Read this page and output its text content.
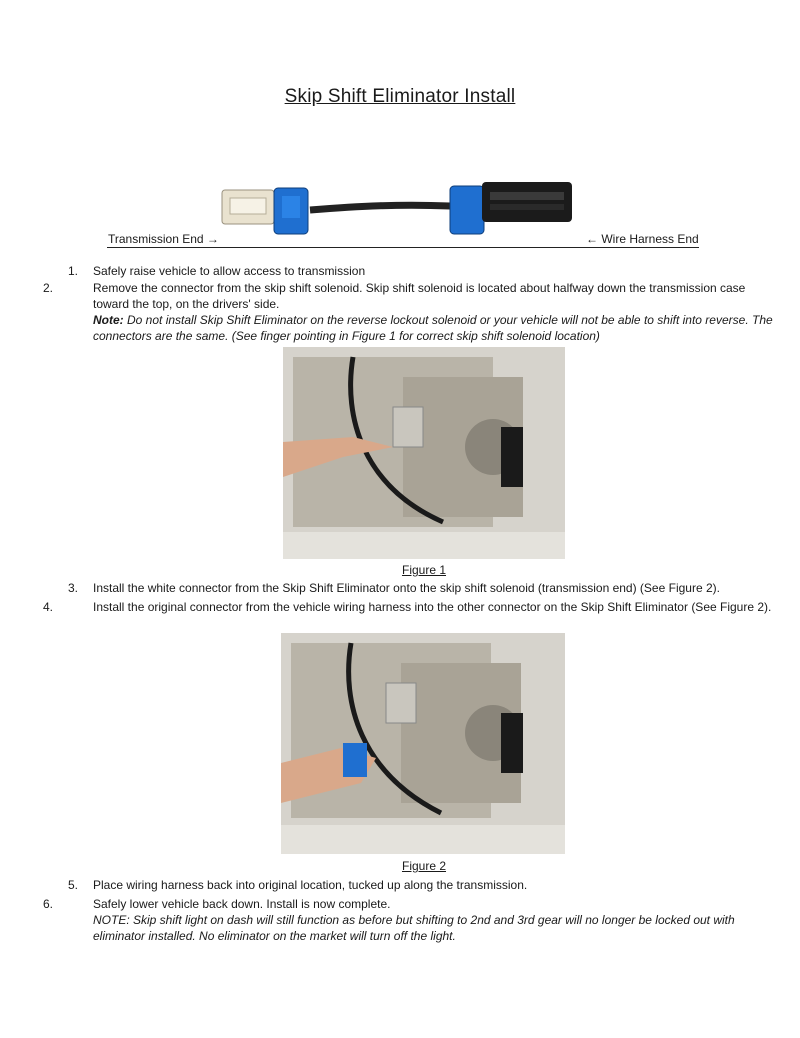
Skip Shift Eliminator Install
Transmission End →	← Wire Harness End
1. Safely raise vehicle to allow access to transmission
2.	Remove the connector from the skip shift solenoid. Skip shift solenoid is located about halfway down the transmission case toward the top, on the drivers' side.
Note: Do not install Skip Shift Eliminator on the reverse lockout solenoid or your vehicle will not be able to shift into reverse. The connectors are the same. (See finger pointing in Figure 1 for correct skip shift solenoid location)
Figure 1
3. Install the white connector from the Skip Shift Eliminator onto the skip shift solenoid (transmission end) (See Figure 2).
4.	Install the original connector from the vehicle wiring harness into the other connector on the Skip Shift Eliminator (See Figure 2).
Figure 2
5. Place wiring harness back into original location, tucked up along the transmission.
6.	Safely lower vehicle back down. Install is now complete.
NOTE: Skip shift light on dash will still function as before but shifting to 2nd and 3rd gear will no longer be locked out with eliminator installed. No eliminator on the market will turn off the light.
